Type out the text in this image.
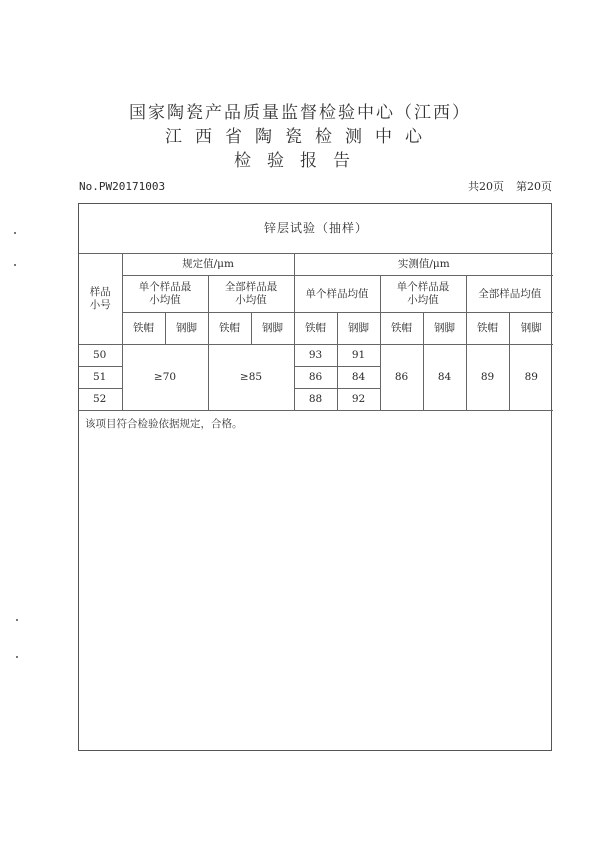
国家陶瓷产品质量监督检验中心（江西）
江西省陶瓷检测中心
检验报告
No.PW20171003	共20页 第20页
锌层试验（抽样）										
样品小号	规定值/μm				实测值/μm					
	单个样品最小均值		全部样品最小均值		单个样品均值		单个样品最小均值		全部样品均值	
	铁帽	钢脚	铁帽	钢脚	铁帽	钢脚	铁帽	钢脚	铁帽	钢脚
50	≥70		≥85		93	91	86	84	89	89
51					86	84				
52					88	92				
该项目符合检验依据规定，合格。
